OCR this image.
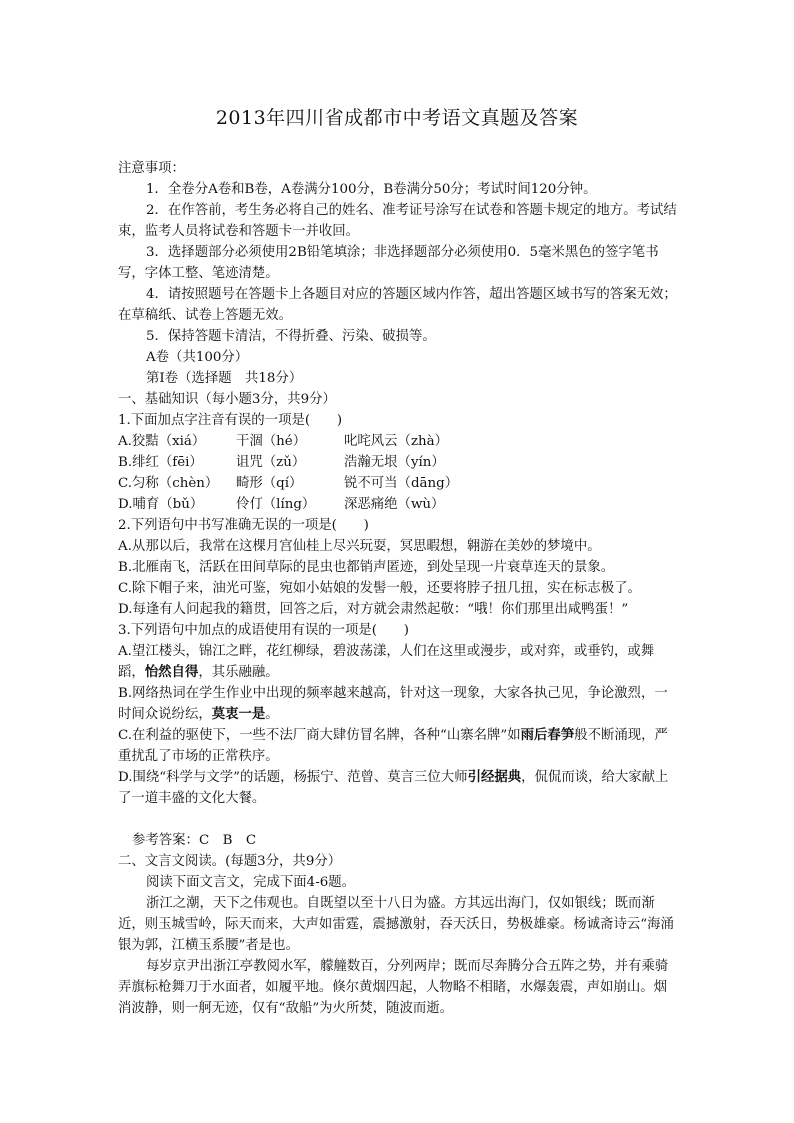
2013年四川省成都市中考语文真题及答案

注意事项：

1．全卷分A卷和B卷，A卷满分100分，B卷满分50分；考试时间120分钟。

2．在作答前，考生务必将自己的姓名、准考证号涂写在试卷和答题卡规定的地方。考试结束，监考人员将试卷和答题卡一并收回。

3．选择题部分必须使用2B铅笔填涂；非选择题部分必须使用0．5毫米黑色的签字笔书写，字体工整、笔迹清楚。

4．请按照题号在答题卡上各题目对应的答题区域内作答，超出答题区域书写的答案无效；在草稿纸、试卷上答题无效。

5．保持答题卡清洁，不得折叠、污染、破损等。

A卷（共100分）

第Ⅰ卷（选择题　共18分）

一、基础知识（每小题3分，共9分）

1.下面加点字注音有误的一项是(　　)

A.狡黠（xiá）	干涸（hé）	叱咤风云（zhà）
B.绯红（fēi）	诅咒（zǔ）	浩瀚无垠（yín）
C.匀称（chèn）	畸形（qí）	锐不可当（dāng）
D.哺育（bǔ）	伶仃（líng）	深恶痛绝（wù）

2.下列语句中书写准确无误的一项是(　　)

A.从那以后，我常在这棵月宫仙桂上尽兴玩耍，冥思暇想，翱游在美妙的梦境中。

B.北雁南飞，活跃在田间草际的昆虫也都销声匿迹，到处呈现一片衰草连天的景象。

C.除下帽子来，油光可鉴，宛如小姑娘的发髻一般，还要将脖子扭几扭，实在标志极了。

D.每逢有人问起我的籍贯，回答之后，对方就会肃然起敬：“哦！你们那里出咸鸭蛋！”

3.下列语句中加点的成语使用有误的一项是(　　)

A.望江楼头，锦江之畔，花红柳绿，碧波荡漾，人们在这里或漫步，或对弈，或垂钓，或舞蹈，怡然自得，其乐融融。

B.网络热词在学生作业中出现的频率越来越高，针对这一现象，大家各执己见，争论激烈，一时间众说纷纭，莫衷一是。

C.在利益的驱使下，一些不法厂商大肆仿冒名牌，各种“山寨名牌”如雨后春笋般不断涌现，严重扰乱了市场的正常秩序。

D.围绕“科学与文学”的话题，杨振宁、范曾、莫言三位大师引经据典，侃侃而谈，给大家献上了一道丰盛的文化大餐。

参考答案：C　B　C

二、文言文阅读。(每题3分，共9分）

阅读下面文言文，完成下面4-6题。

浙江之潮，天下之伟观也。自既望以至十八日为盛。方其远出海门，仅如银线；既而渐近，则玉城雪岭，际天而来，大声如雷霆，震撼激射，吞天沃日，势极雄豪。杨诚斋诗云“海涌银为郭，江横玉系腰”者是也。

每岁京尹出浙江亭教阅水军，艨艟数百，分列两岸；既而尽奔腾分合五阵之势，并有乘骑弄旗标枪舞刀于水面者，如履平地。倏尔黄烟四起，人物略不相睹，水爆轰震，声如崩山。烟消波静，则一舸无迹，仅有“敌船”为火所焚，随波而逝。
